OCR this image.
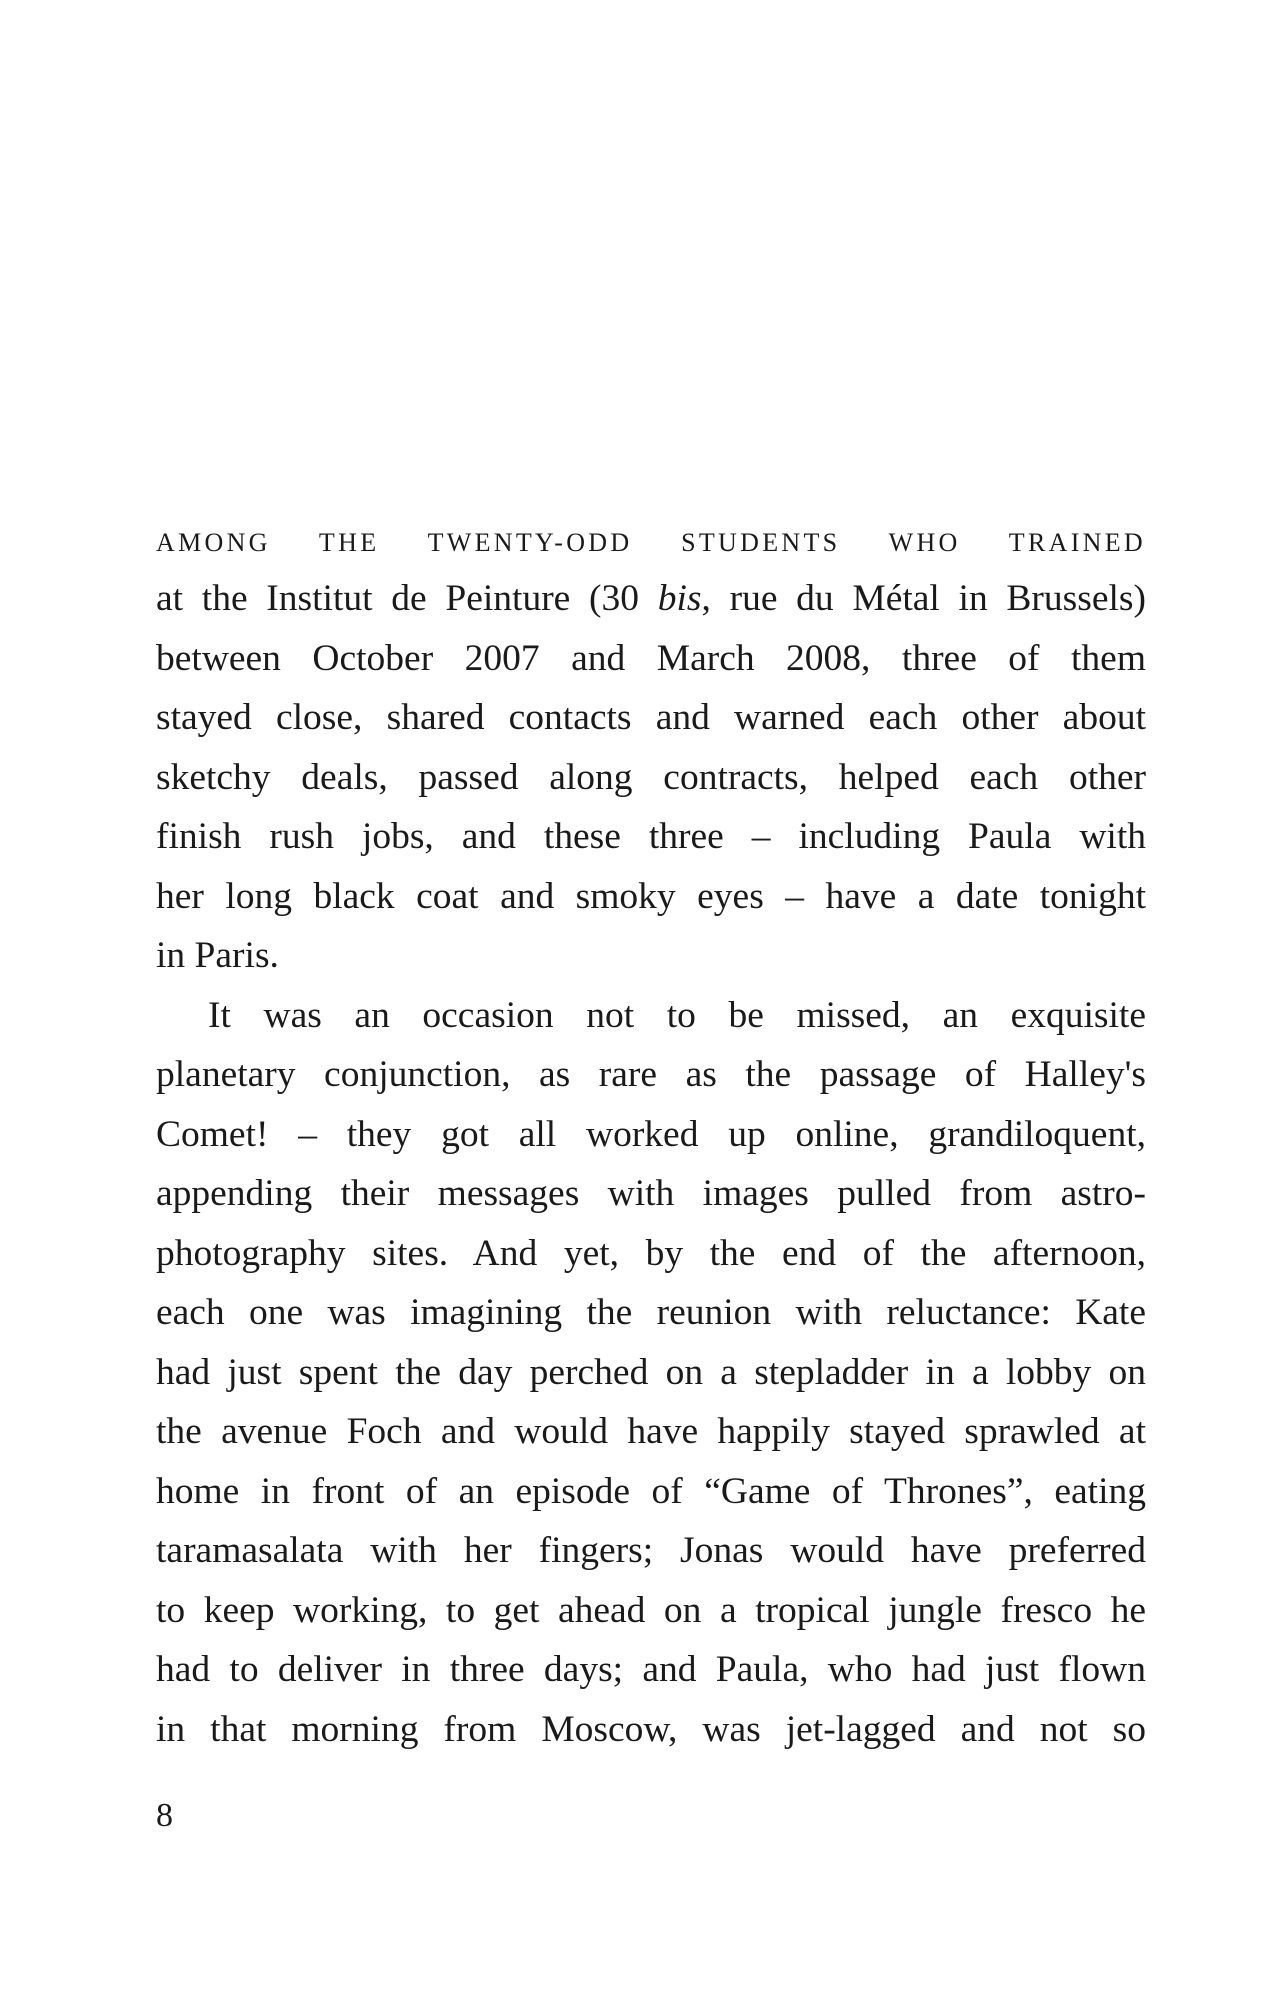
AMONG THE TWENTY-ODD STUDENTS WHO TRAINED

at the Institut de Peinture (30 bis, rue du Métal in Brussels)
between October 2007 and March 2008, three of them
stayed close, shared contacts and warned each other about
sketchy deals, passed along contracts, helped each other
finish rush jobs, and these three – including Paula with
her long black coat and smoky eyes – have a date tonight
in Paris.

It was an occasion not to be missed, an exquisite
planetary conjunction, as rare as the passage of Halley's
Comet! – they got all worked up online, grandiloquent,
appending their messages with images pulled from astro-
photography sites. And yet, by the end of the afternoon,
each one was imagining the reunion with reluctance: Kate
had just spent the day perched on a stepladder in a lobby on
the avenue Foch and would have happily stayed sprawled at
home in front of an episode of “Game of Thrones”, eating
taramasalata with her fingers; Jonas would have preferred
to keep working, to get ahead on a tropical jungle fresco he
had to deliver in three days; and Paula, who had just flown
in that morning from Moscow, was jet-lagged and not so

8
